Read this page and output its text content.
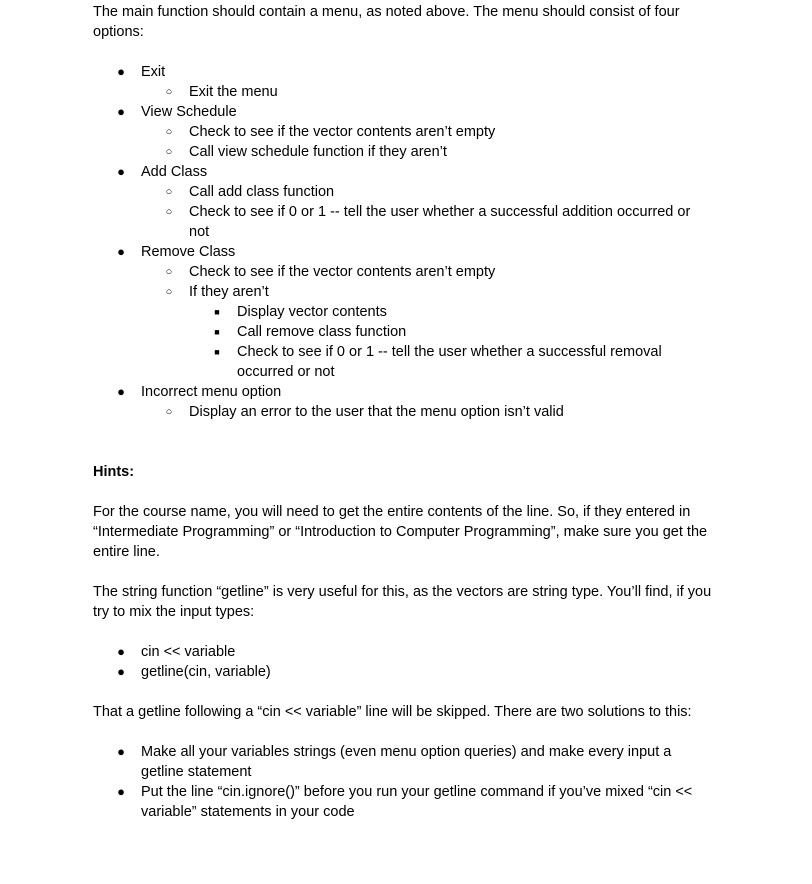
The main function should contain a menu, as noted above. The menu should consist of four options:

● Exit
○ Exit the menu
● View Schedule
○ Check to see if the vector contents aren’t empty
○ Call view schedule function if they aren’t
● Add Class
○ Call add class function
○ Check to see if 0 or 1 -- tell the user whether a successful addition occurred or
not
● Remove Class
○ Check to see if the vector contents aren’t empty
○ If they aren’t
■ Display vector contents
■ Call remove class function
■ Check to see if 0 or 1 -- tell the user whether a successful removal
occurred or not
● Incorrect menu option
○ Display an error to the user that the menu option isn’t valid
Hints:

For the course name, you will need to get the entire contents of the line. So, if they entered in “Intermediate Programming” or “Introduction to Computer Programming”, make sure you get the entire line.

The string function “getline” is very useful for this, as the vectors are string type. You’ll find, if you try to mix the input types:

● cin << variable
● getline(cin, variable)

That a getline following a “cin << variable” line will be skipped. There are two solutions to this:

● Make all your variables strings (even menu option queries) and make every input a
getline statement
● Put the line “cin.ignore()” before you run your getline command if you’ve mixed “cin <<
variable” statements in your code
